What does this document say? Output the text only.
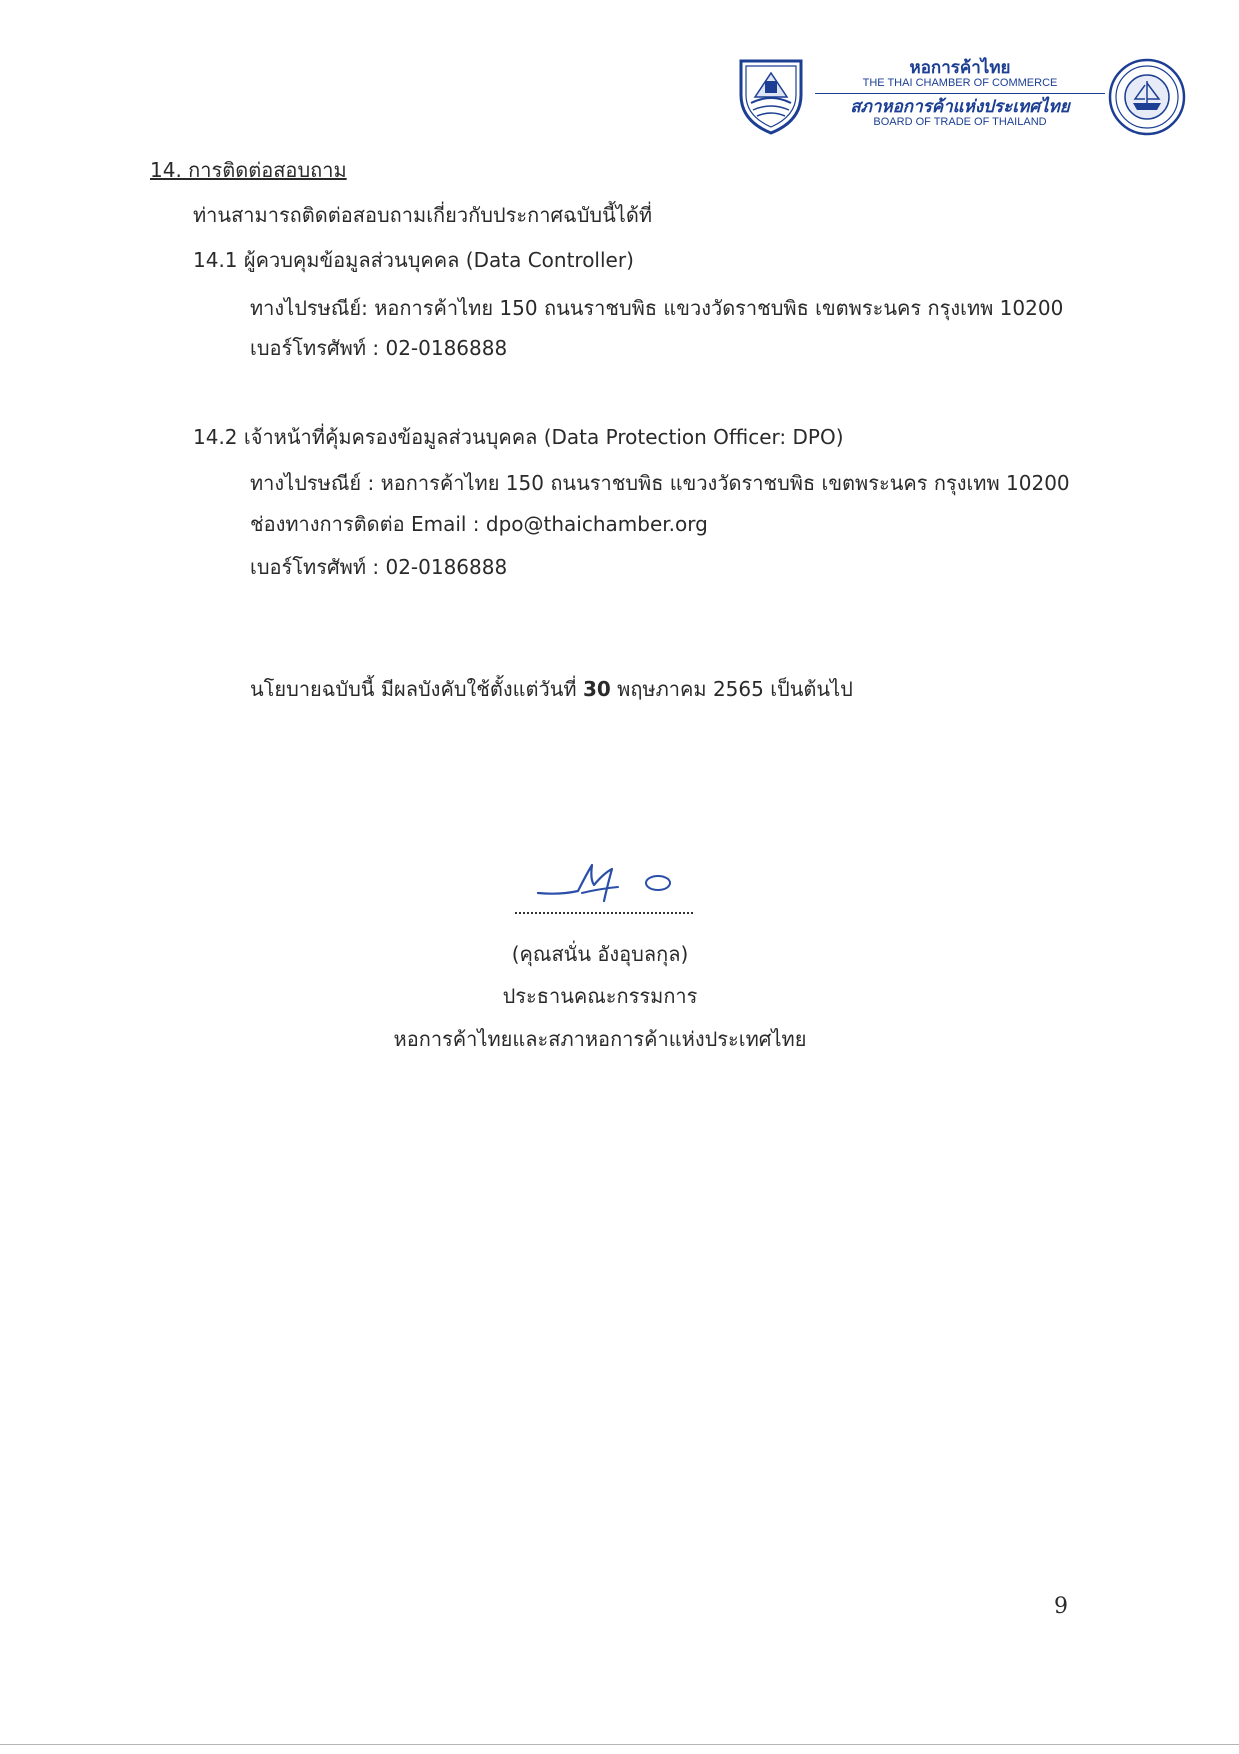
หอการค้าไทย
THE THAI CHAMBER OF COMMERCE
สภาหอการค้าแห่งประเทศไทย
BOARD OF TRADE OF THAILAND
14. การติดต่อสอบถาม
ท่านสามารถติดต่อสอบถามเกี่ยวกับประกาศฉบับนี้ได้ที่
14.1 ผู้ควบคุมข้อมูลส่วนบุคคล (Data Controller)
ทางไปรษณีย์: หอการค้าไทย 150 ถนนราชบพิธ แขวงวัดราชบพิธ เขตพระนคร กรุงเทพ 10200
เบอร์โทรศัพท์ : 02-0186888
14.2 เจ้าหน้าที่คุ้มครองข้อมูลส่วนบุคคล (Data Protection Officer: DPO)
ทางไปรษณีย์ : หอการค้าไทย 150 ถนนราชบพิธ แขวงวัดราชบพิธ เขตพระนคร กรุงเทพ 10200
ช่องทางการติดต่อ Email : dpo@thaichamber.org
เบอร์โทรศัพท์ : 02-0186888
นโยบายฉบับนี้ มีผลบังคับใช้ตั้งแต่วันที่ 30 พฤษภาคม 2565 เป็นต้นไป
(คุณสนั่น อังอุบลกุล)
ประธานคณะกรรมการ
หอการค้าไทยและสภาหอการค้าแห่งประเทศไทย
9
